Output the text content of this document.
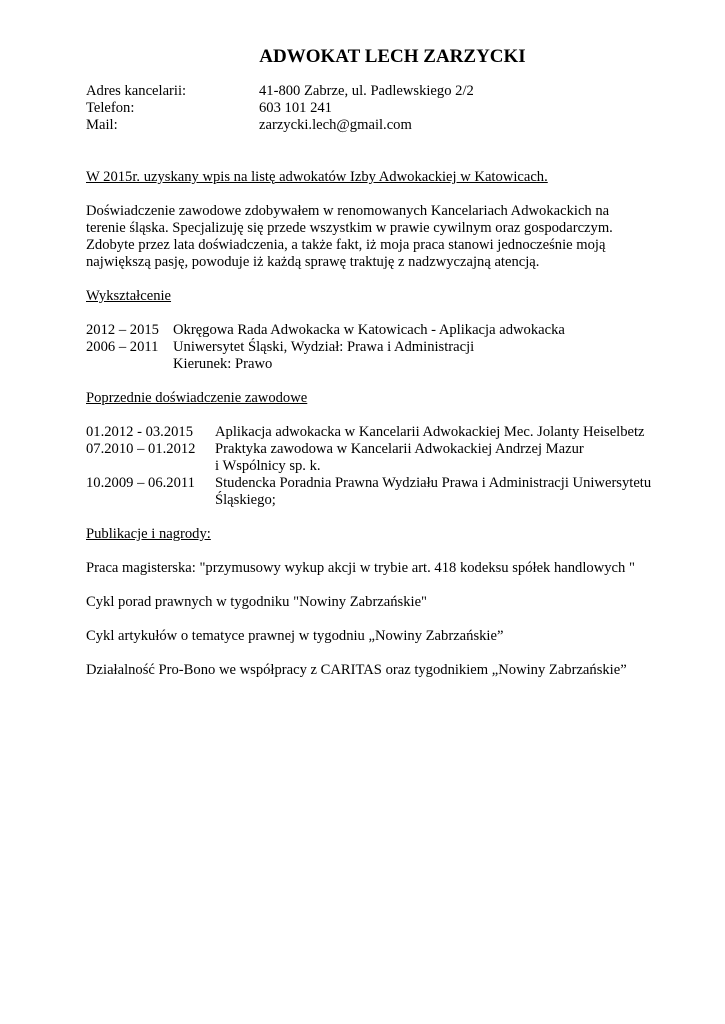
ADWOKAT LECH ZARZYCKI
Adres kancelarii:	41-800 Zabrze, ul. Padlewskiego 2/2
Telefon:	603 101 241
Mail:	zarzycki.lech@gmail.com
W 2015r. uzyskany wpis na listę adwokatów Izby Adwokackiej w Katowicach.

Doświadczenie zawodowe zdobywałem w renomowanych Kancelariach Adwokackich na

terenie śląska. Specjalizuję się przede wszystkim w prawie cywilnym oraz gospodarczym.

Zdobyte przez lata doświadczenia, a także fakt, iż moja praca stanowi jednocześnie moją

największą pasję, powoduje iż każdą sprawę traktuję z nadzwyczajną atencją.

Wykształcenie
2012 – 2015 Okręgowa Rada Adwokacka w Katowicach - Aplikacja adwokacka
2006 – 2011 Uniwersytet Śląski, Wydział: Prawa i Administracji
Kierunek: Prawo
Poprzednie doświadczenie zawodowe
01.2012 - 03.2015	Aplikacja adwokacka w Kancelarii Adwokackiej Mec. Jolanty Heiselbetz
07.2010 – 01.2012	Praktyka zawodowa w Kancelarii Adwokackiej Andrzej Mazur
i Wspólnicy sp. k.
10.2009 – 06.2011	Studencka Poradnia Prawna Wydziału Prawa i Administracji Uniwersytetu
Śląskiego;
Publikacje i nagrody:

Praca magisterska: "przymusowy wykup akcji w trybie art. 418 kodeksu spółek handlowych "

Cykl porad prawnych w tygodniku "Nowiny Zabrzańskie"

Cykl artykułów o tematyce prawnej w tygodniu „Nowiny Zabrzańskie”

Działalność Pro-Bono we współpracy z CARITAS oraz tygodnikiem „Nowiny Zabrzańskie”
